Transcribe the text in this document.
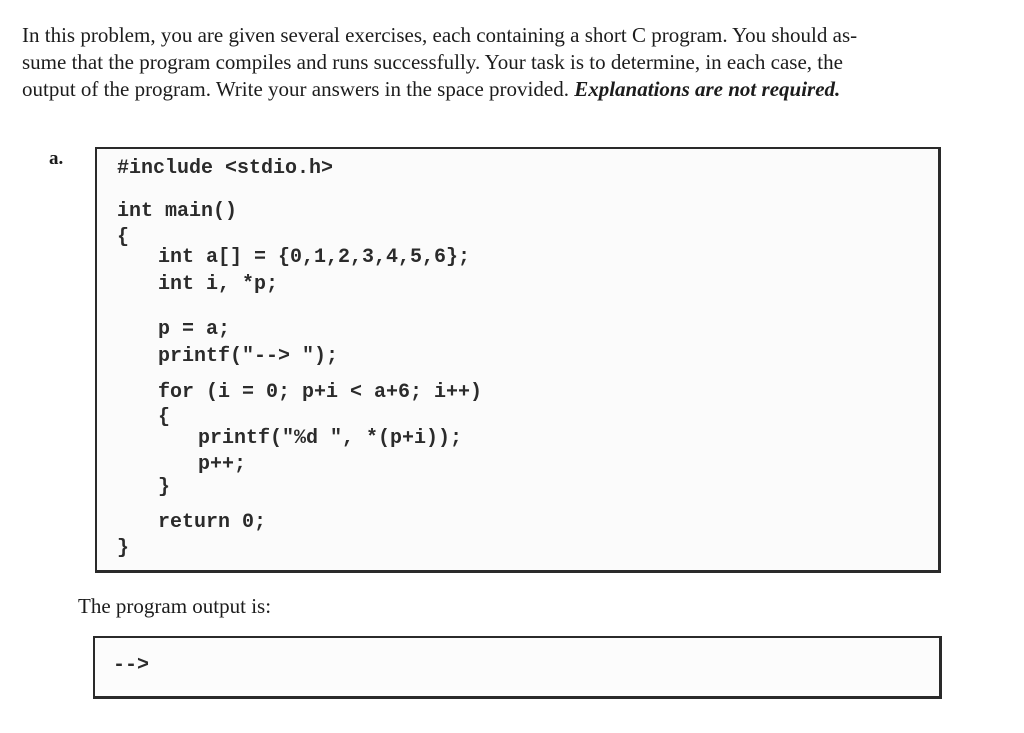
In this problem, you are given several exercises, each containing a short C program. You should as-

sume that the program compiles and runs successfully. Your task is to determine, in each case, the

output of the program. Write your answers in the space provided. Explanations are not required.

a.	#include <stdio.h>
int main()
{
int a[] = {0,1,2,3,4,5,6};
int i, *p;
p = a;
printf("--> ");
for (i = 0; p+i < a+6; i++)
{
printf("%d ", *(p+i));
p++;
}
return 0;
}
The program output is:
-->
